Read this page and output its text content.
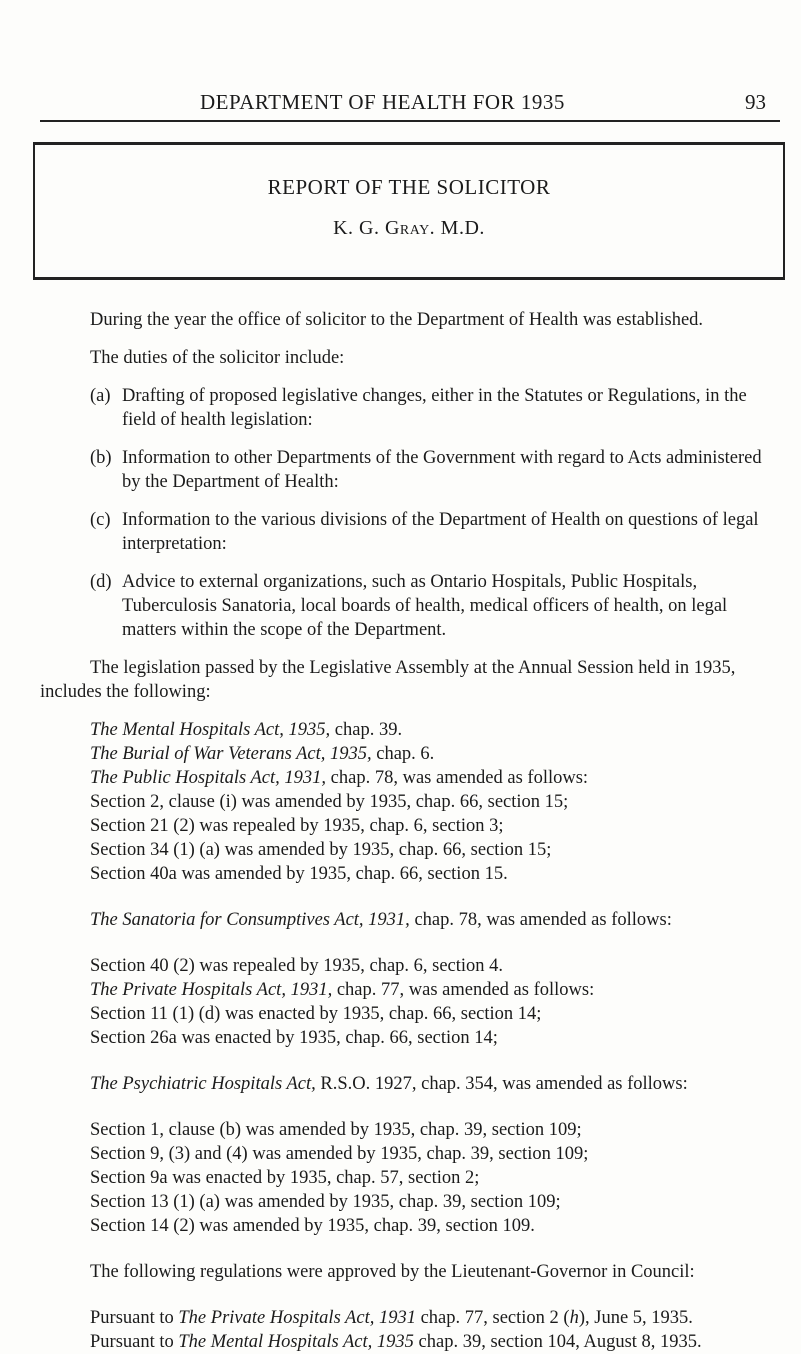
DEPARTMENT OF HEALTH FOR 1935	93
REPORT OF THE SOLICITOR
K. G. Gray. M.D.

During the year the office of solicitor to the Department of Health was established.

The duties of the solicitor include:

(a) Drafting of proposed legislative changes, either in the Statutes or Regulations, in the field of health legislation:
(b) Information to other Departments of the Government with regard to Acts administered by the Department of Health:
(c) Information to the various divisions of the Department of Health on questions of legal interpretation:
(d) Advice to external organizations, such as Ontario Hospitals, Public Hospitals, Tuberculosis Sanatoria, local boards of health, medical officers of health, on legal matters within the scope of the Department.

The legislation passed by the Legislative Assembly at the Annual Session held in 1935, includes the following:

The Mental Hospitals Act, 1935, chap. 39.
The Burial of War Veterans Act, 1935, chap. 6.
The Public Hospitals Act, 1931, chap. 78, was amended as follows:
Section 2, clause (i) was amended by 1935, chap. 66, section 15;
Section 21 (2) was repealed by 1935, chap. 6, section 3;
Section 34 (1) (a) was amended by 1935, chap. 66, section 15;
Section 40a was amended by 1935, chap. 66, section 15.

The Sanatoria for Consumptives Act, 1931, chap. 78, was amended as follows:

Section 40 (2) was repealed by 1935, chap. 6, section 4.
The Private Hospitals Act, 1931, chap. 77, was amended as follows:
Section 11 (1) (d) was enacted by 1935, chap. 66, section 14;
Section 26a was enacted by 1935, chap. 66, section 14;

The Psychiatric Hospitals Act, R.S.O. 1927, chap. 354, was amended as follows:

Section 1, clause (b) was amended by 1935, chap. 39, section 109;
Section 9, (3) and (4) was amended by 1935, chap. 39, section 109;
Section 9a was enacted by 1935, chap. 57, section 2;
Section 13 (1) (a) was amended by 1935, chap. 39, section 109;
Section 14 (2) was amended by 1935, chap. 39, section 109.

The following regulations were approved by the Lieutenant-Governor in Council:

Pursuant to The Private Hospitals Act, 1931 chap. 77, section 2 (h), June 5, 1935.
Pursuant to The Mental Hospitals Act, 1935 chap. 39, section 104, August 8, 1935.
